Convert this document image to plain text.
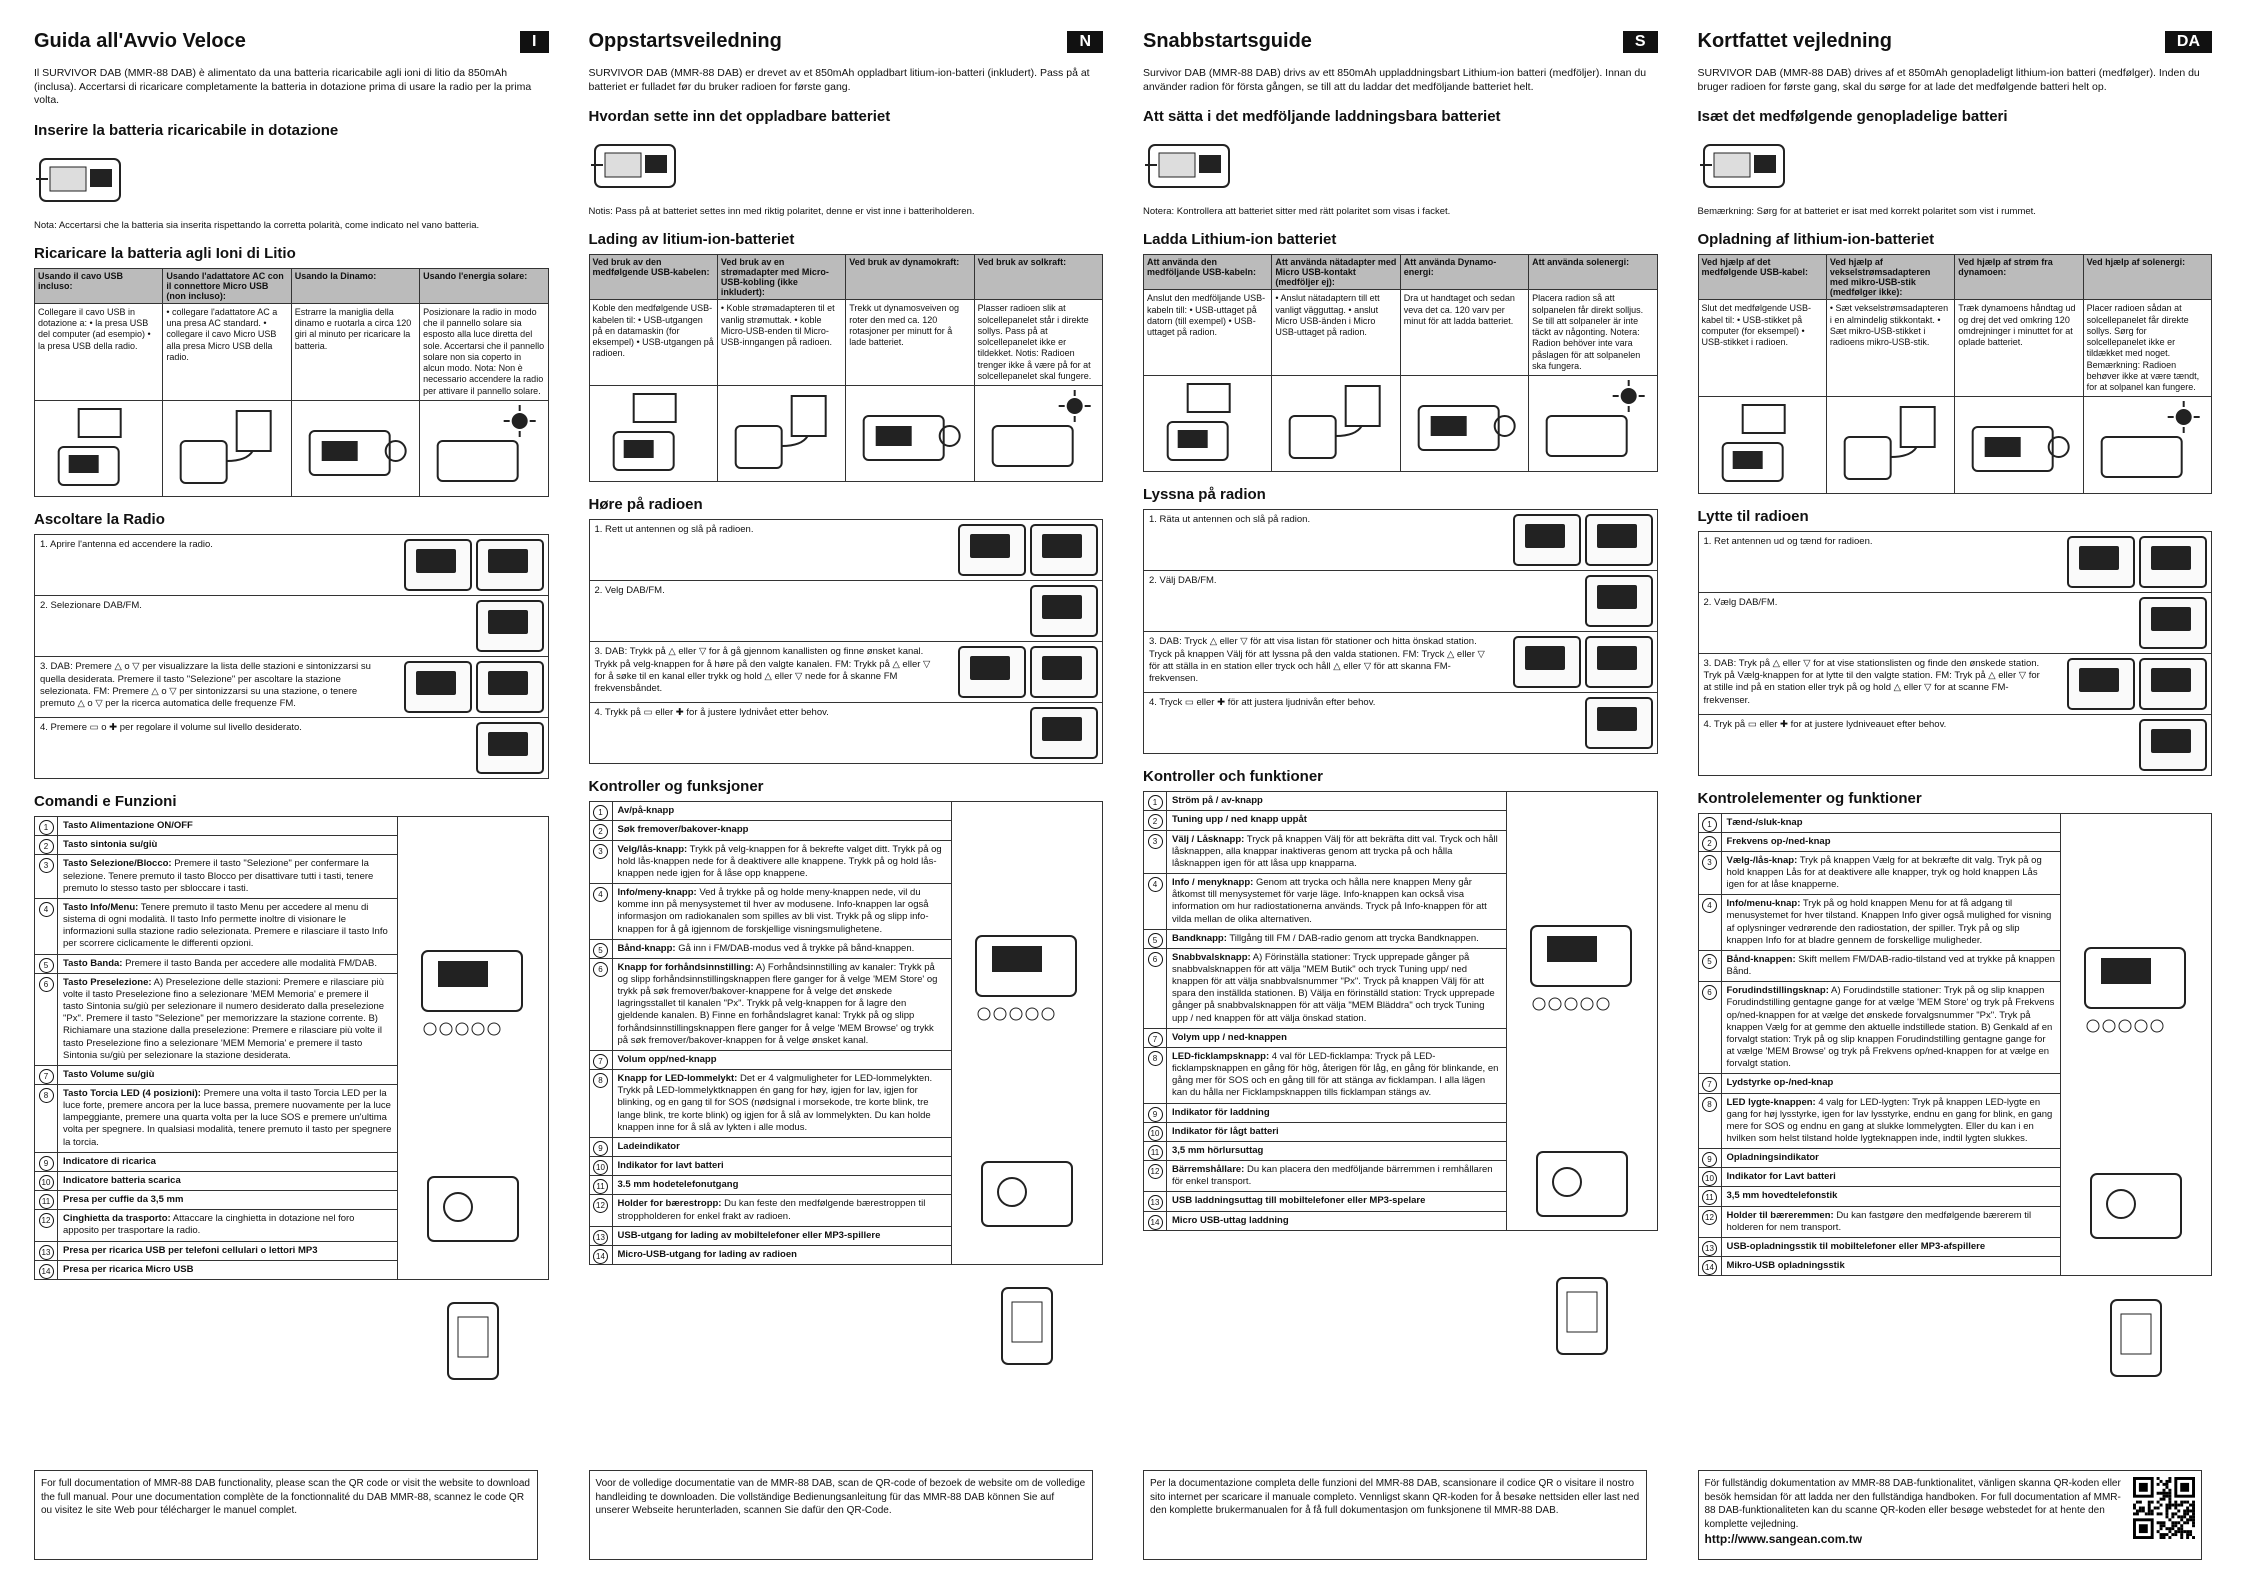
Guida all'Avvio Veloce	I

Il SURVIVOR DAB (MMR-88 DAB) è alimentato da una batteria ricaricabile agli ioni di litio da 850mAh (inclusa). Accertarsi di ricaricare completamente la batteria in dotazione prima di usare la radio per la prima volta.

Inserire la batteria ricaricabile in dotazione
Nota: Accertarsi che la batteria sia inserita rispettando la corretta polarità, come indicato nel vano batteria.
Ricaricare la batteria agli Ioni di Litio
Usando il cavo USB incluso:	Usando l'adattatore AC con il connettore Micro USB (non incluso):	Usando la Dinamo:	Usando l'energia solare:
Collegare il cavo USB in dotazione a: • la presa USB del computer (ad esempio) • la presa USB della radio.	• collegare l'adattatore AC a una presa AC standard. • collegare il cavo Micro USB alla presa Micro USB della radio.	Estrarre la maniglia della dinamo e ruotarla a circa 120 giri al minuto per ricaricare la batteria.	Posizionare la radio in modo che il pannello solare sia esposto alla luce diretta del sole. Accertarsi che il pannello solare non sia coperto in alcun modo. Nota: Non è necessario accendere la radio per attivare il pannello solare.

Ascoltare la Radio
1. Aprire l'antenna ed accendere la radio.
2. Selezionare DAB/FM.
3. DAB: Premere △ o ▽ per visualizzare la lista delle stazioni e sintonizzarsi su quella desiderata. Premere il tasto "Selezione" per ascoltare la stazione selezionata. FM: Premere △ o ▽ per sintonizzarsi su una stazione, o tenere premuto △ o ▽ per la ricerca automatica delle frequenze FM.
4. Premere ▭ o ✚ per regolare il volume sul livello desiderato.
Comandi e Funzioni
1	Tasto Alimentazione ON/OFF
2	Tasto sintonia su/giù
3	Tasto Selezione/Blocco: Premere il tasto "Selezione" per confermare la selezione. Tenere premuto il tasto Blocco per disattivare tutti i tasti, tenere premuto lo stesso tasto per sbloccare i tasti.
4	Tasto Info/Menu: Tenere premuto il tasto Menu per accedere al menu di sistema di ogni modalità. Il tasto Info permette inoltre di visionare le informazioni sulla stazione radio selezionata. Premere e rilasciare il tasto Info per scorrere ciclicamente le differenti opzioni.
5	Tasto Banda: Premere il tasto Banda per accedere alle modalità FM/DAB.
6	Tasto Preselezione: A) Preselezione delle stazioni: Premere e rilasciare più volte il tasto Preselezione fino a selezionare 'MEM Memoria' e premere il tasto Sintonia su/giù per selezionare il numero desiderato dalla preselezione "Px". Premere il tasto "Selezione" per memorizzare la stazione corrente. B) Richiamare una stazione dalla preselezione: Premere e rilasciare più volte il tasto Preselezione fino a selezionare 'MEM Memoria' e premere il tasto Sintonia su/giù per selezionare la stazione desiderata.
7	Tasto Volume su/giù
8	Tasto Torcia LED (4 posizioni): Premere una volta il tasto Torcia LED per la luce forte, premere ancora per la luce bassa, premere nuovamente per la luce lampeggiante, premere una quarta volta per la luce SOS e premere un'ultima volta per spegnere. In qualsiasi modalità, tenere premuto il tasto per spegnere la torcia.
9	Indicatore di ricarica
10	Indicatore batteria scarica
11	Presa per cuffie da 3,5 mm
12	Cinghietta da trasporto: Attaccare la cinghietta in dotazione nel foro apposito per trasportare la radio.
13	Presa per ricarica USB per telefoni cellulari o lettori MP3
14	Presa per ricarica Micro USB
Oppstartsveiledning	N

SURVIVOR DAB (MMR-88 DAB) er drevet av et 850mAh oppladbart litium-ion-batteri (inkludert). Pass på at batteriet er fulladet før du bruker radioen for første gang.

Hvordan sette inn det oppladbare batteriet
Notis: Pass på at batteriet settes inn med riktig polaritet, denne er vist inne i batteriholderen.
Lading av litium-ion-batteriet
Ved bruk av den medfølgende USB-kabelen:	Ved bruk av en strømadapter med Micro-USB-kobling (ikke inkludert):	Ved bruk av dynamokraft:	Ved bruk av solkraft:
Koble den medfølgende USB-kabelen til: • USB-utgangen på en datamaskin (for eksempel) • USB-utgangen på radioen.	• Koble strømadapteren til et vanlig strømuttak. • koble Micro-USB-enden til Micro-USB-inngangen på radioen.	Trekk ut dynamosveiven og roter den med ca. 120 rotasjoner per minutt for å lade batteriet.	Plasser radioen slik at solcellepanelet står i direkte sollys. Pass på at solcellepanelet ikke er tildekket. Notis: Radioen trenger ikke å være på for at solcellepanelet skal fungere.

Høre på radioen
1. Rett ut antennen og slå på radioen.
2. Velg DAB/FM.
3. DAB: Trykk på △ eller ▽ for å gå gjennom kanallisten og finne ønsket kanal. Trykk på velg-knappen for å høre på den valgte kanalen. FM: Trykk på △ eller ▽ for å søke til en kanal eller trykk og hold △ eller ▽ nede for å skanne FM frekvensbåndet.
4. Trykk på ▭ eller ✚ for å justere lydnivået etter behov.
Kontroller og funksjoner
1	Av/på-knapp
2	Søk fremover/bakover-knapp
3	Velg/lås-knapp: Trykk på velg-knappen for å bekrefte valget ditt. Trykk på og hold lås-knappen nede for å deaktivere alle knappene. Trykk på og hold lås-knappen nede igjen for å låse opp knappene.
4	Info/meny-knapp: Ved å trykke på og holde meny-knappen nede, vil du komme inn på menysystemet til hver av modusene. Info-knappen lar også informasjon om radiokanalen som spilles av bli vist. Trykk på og slipp info-knappen for å gå igjennom de forskjellige visningsmulighetene.
5	Bånd-knapp: Gå inn i FM/DAB-modus ved å trykke på bånd-knappen.
6	Knapp for forhåndsinnstilling: A) Forhåndsinnstilling av kanaler: Trykk på og slipp forhåndsinnstillingsknappen flere ganger for å velge 'MEM Store' og trykk på søk fremover/bakover-knappene for å velge det ønskede lagringsstallet til kanalen "Px". Trykk på velg-knappen for å lagre den gjeldende kanalen. B) Finne en forhåndslagret kanal: Trykk på og slipp forhåndsinnstillingsknappen flere ganger for å velge 'MEM Browse' og trykk på søk fremover/bakover-knappen for å velge ønsket kanal.
7	Volum opp/ned-knapp
8	Knapp for LED-lommelykt: Det er 4 valgmuligheter for LED-lommelykten. Trykk på LED-lommelyktknappen én gang for høy, igjen for lav, igjen for blinking, og en gang til for SOS (nødsignal i morsekode, tre korte blink, tre lange blink, tre korte blink) og igjen for å slå av lommelykten. Du kan holde knappen inne for å slå av lykten i alle modus.
9	Ladeindikator
10	Indikator for lavt batteri
11	3.5 mm hodetelefonutgang
12	Holder for bærestropp: Du kan feste den medfølgende bærestroppen til stroppholderen for enkel frakt av radioen.
13	USB-utgang for lading av mobiltelefoner eller MP3-spillere
14	Micro-USB-utgang for lading av radioen
Snabbstartsguide	S

Survivor DAB (MMR-88 DAB) drivs av ett 850mAh uppladdningsbart Lithium-ion batteri (medföljer). Innan du använder radion för första gången, se till att du laddar det medföljande batteriet helt.

Att sätta i det medföljande laddningsbara batteriet
Notera: Kontrollera att batteriet sitter med rätt polaritet som visas i facket.
Ladda Lithium-ion batteriet
Att använda den medföljande USB-kabeln:	Att använda nätadapter med Micro USB-kontakt (medföljer ej):	Att använda Dynamo-energi:	Att använda solenergi:
Anslut den medföljande USB-kabeln till: • USB-uttaget på datorn (till exempel) • USB-uttaget på radion.	• Anslut nätadaptern till ett vanligt vägguttag. • anslut Micro USB-änden i Micro USB-uttaget på radion.	Dra ut handtaget och sedan veva det ca. 120 varv per minut för att ladda batteriet.	Placera radion så att solpanelen får direkt solljus. Se till att solpaneler är inte täckt av någonting. Notera: Radion behöver inte vara påslagen för att solpanelen ska fungera.

Lyssna på radion
1. Räta ut antennen och slå på radion.
2. Välj DAB/FM.
3. DAB: Tryck △ eller ▽ för att visa listan för stationer och hitta önskad station. Tryck på knappen Välj för att lyssna på den valda stationen. FM: Tryck △ eller ▽ för att ställa in en station eller tryck och håll △ eller ▽ för att skanna FM-frekvensen.
4. Tryck ▭ eller ✚ för att justera ljudnivån efter behov.
Kontroller och funktioner
1	Ström på / av-knapp
2	Tuning upp / ned knapp uppåt
3	Välj / Låsknapp: Tryck på knappen Välj för att bekräfta ditt val. Tryck och håll låsknappen, alla knappar inaktiveras genom att trycka på och hålla låsknappen igen för att låsa upp knapparna.
4	Info / menyknapp: Genom att trycka och hålla nere knappen Meny går åtkomst till menysystemet för varje läge. Info-knappen kan också visa information om hur radiostationerna används. Tryck på Info-knappen för att vilda mellan de olika alternativen.
5	Bandknapp: Tillgång till FM / DAB-radio genom att trycka Bandknappen.
6	Snabbvalsknapp: A) Förinställa stationer: Tryck upprepade gånger på snabbvalsknappen för att välja "MEM Butik" och tryck Tuning upp/ ned knappen för att välja snabbvalsnummer "Px". Tryck på knappen Välj för att spara den inställda stationen. B) Välja en förinställd station: Tryck upprepade gånger på snabbvalsknappen för att välja "MEM Bläddra" och tryck Tuning upp / ned knappen för att välja önskad station.
7	Volym upp / ned-knappen
8	LED-ficklampsknapp: 4 val för LED-ficklampa: Tryck på LED-ficklampsknappen en gång för hög, återigen för låg, en gång för blinkande, en gång mer för SOS och en gång till för att stänga av ficklampan. I alla lägen kan du hålla ner Ficklampsknappen tills ficklampan stängs av.
9	Indikator för laddning
10	Indikator för lågt batteri
11	3,5 mm hörlursuttag
12	Bärremshållare: Du kan placera den medföljande bärremmen i remhållaren för enkel transport.
13	USB laddningsuttag till mobiltelefoner eller MP3-spelare
14	Micro USB-uttag laddning
Kortfattet vejledning	DA

SURVIVOR DAB (MMR-88 DAB) drives af et 850mAh genopladeligt lithium-ion batteri (medfølger). Inden du bruger radioen for første gang, skal du sørge for at lade det medfølgende batteri helt op.

Isæt det medfølgende genopladelige batteri
Bemærkning: Sørg for at batteriet er isat med korrekt polaritet som vist i rummet.
Opladning af lithium-ion-batteriet
Ved hjælp af det medfølgende USB-kabel:	Ved hjælp af vekselstrømsadapteren med mikro-USB-stik (medfølger ikke):	Ved hjælp af strøm fra dynamoen:	Ved hjælp af solenergi:
Slut det medfølgende USB-kabel til: • USB-stikket på computer (for eksempel) • USB-stikket i radioen.	• Sæt vekselstrømsadapteren i en almindelig stikkontakt. • Sæt mikro-USB-stikket i radioens mikro-USB-stik.	Træk dynamoens håndtag ud og drej det ved omkring 120 omdrejninger i minuttet for at oplade batteriet.	Placer radioen sådan at solcellepanelet får direkte sollys. Sørg for solcellepanelet ikke er tildækket med noget. Bemærkning: Radioen behøver ikke at være tændt, for at solpanel kan fungere.

Lytte til radioen
1. Ret antennen ud og tænd for radioen.
2. Vælg DAB/FM.
3. DAB: Tryk på △ eller ▽ for at vise stationslisten og finde den ønskede station. Tryk på Vælg-knappen for at lytte til den valgte station. FM: Tryk på △ eller ▽ for at stille ind på en station eller tryk på og hold △ eller ▽ for at scanne FM-frekvenser.
4. Tryk på ▭ eller ✚ for at justere lydniveauet efter behov.
Kontrolelementer og funktioner
1	Tænd-/sluk-knap
2	Frekvens op-/ned-knap
3	Vælg-/lås-knap: Tryk på knappen Vælg for at bekræfte dit valg. Tryk på og hold knappen Lås for at deaktivere alle knapper, tryk og hold knappen Lås igen for at låse knapperne.
4	Info/menu-knap: Tryk på og hold knappen Menu for at få adgang til menusystemet for hver tilstand. Knappen Info giver også mulighed for visning af oplysninger vedrørende den radiostation, der spiller. Tryk på og slip knappen Info for at bladre gennem de forskellige muligheder.
5	Bånd-knappen: Skift mellem FM/DAB-radio-tilstand ved at trykke på knappen Bånd.
6	Forudindstillingsknap: A) Forudindstille stationer: Tryk på og slip knappen Forudindstilling gentagne gange for at vælge 'MEM Store' og tryk på Frekvens op/ned-knappen for at vælge det ønskede forvalgsnummer "Px". Tryk på knappen Vælg for at gemme den aktuelle indstillede station. B) Genkald af en forvalgt station: Tryk på og slip knappen Forudindstilling gentagne gange for at vælge 'MEM Browse' og tryk på Frekvens op/ned-knappen for at vælge en forvalgt station.
7	Lydstyrke op-/ned-knap
8	LED lygte-knappen: 4 valg for LED-lygten: Tryk på knappen LED-lygte en gang for høj lysstyrke, igen for lav lysstyrke, endnu en gang for blink, en gang mere for SOS og endnu en gang at slukke lommelygten. Eller du kan i en hvilken som helst tilstand holde lygteknappen inde, indtil lygten slukkes.
9	Opladningsindikator
10	Indikator for Lavt batteri
11	3,5 mm hovedtelefonstik
12	Holder til bæreremmen: Du kan fastgøre den medfølgende bærerem til holderen for nem transport.
13	USB-opladningsstik til mobiltelefoner eller MP3-afspillere
14	Mikro-USB opladningsstik
For full documentation of MMR-88 DAB functionality, please scan the QR code or visit the website to download the full manual. Pour une documentation complète de la fonctionnalité du DAB MMR-88, scannez le code QR ou visitez le site Web pour télécharger le manuel complet.
Voor de volledige documentatie van de MMR-88 DAB, scan de QR-code of bezoek de website om de volledige handleiding te downloaden. Die vollständige Bedienungsanleitung für das MMR-88 DAB können Sie auf unserer Webseite herunterladen, scannen Sie dafür den QR-Code.
Per la documentazione completa delle funzioni del MMR-88 DAB, scansionare il codice QR o visitare il nostro sito internet per scaricare il manuale completo. Vennligst skann QR-koden for å besøke nettsiden eller last ned den komplette brukermanualen for å få full dokumentasjon om funksjonene til MMR-88 DAB.
För fullständig dokumentation av MMR-88 DAB-funktionalitet, vänligen skanna QR-koden eller besök hemsidan för att ladda ner den fullständiga handboken. For full documentation af MMR-88 DAB-funktionaliteten kan du scanne QR-koden eller besøge webstedet for at hente den komplette vejledning.
http://www.sangean.com.tw
